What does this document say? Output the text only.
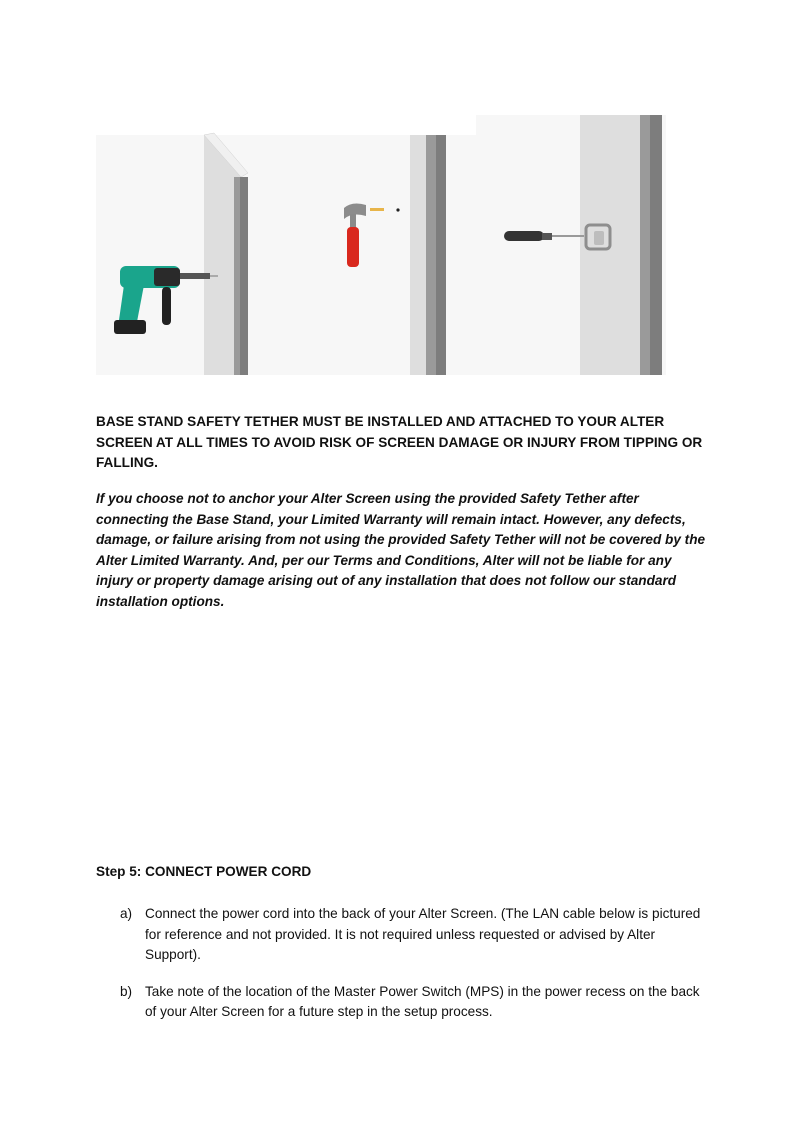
BASE STAND SAFETY TETHER MUST BE INSTALLED AND ATTACHED TO YOUR ALTER SCREEN AT ALL TIMES TO AVOID RISK OF SCREEN DAMAGE OR INJURY FROM TIPPING OR FALLING.

If you choose not to anchor your Alter Screen using the provided Safety Tether after connecting the Base Stand, your Limited Warranty will remain intact. However, any defects, damage, or failure arising from not using the provided Safety Tether will not be covered by the Alter Limited Warranty. And, per our Terms and Conditions, Alter will not be liable for any injury or property damage arising out of any installation that does not follow our standard installation options.

Step 5: CONNECT POWER CORD

a) Connect the power cord into the back of your Alter Screen. (The LAN cable below is pictured for reference and not provided. It is not required unless requested or advised by Alter Support).
b) Take note of the location of the Master Power Switch (MPS) in the power recess on the back of your Alter Screen for a future step in the setup process.
